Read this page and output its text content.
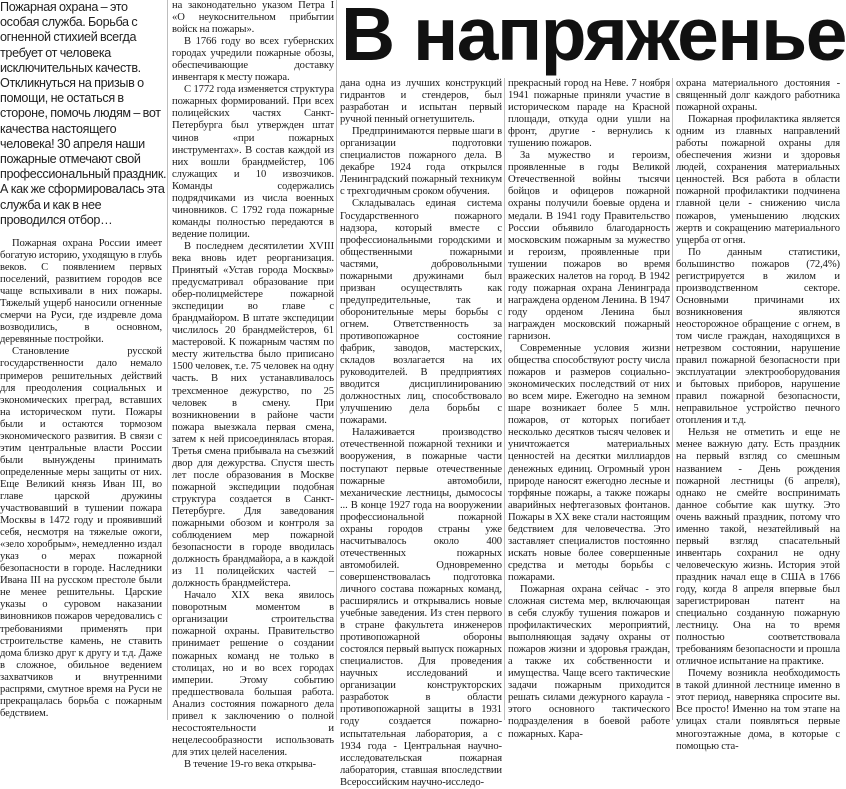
В напряженье

Пожарная охрана – это особая служба. Борьба с огненной стихией всегда требует от человека исключительных качеств. Откликнуться на призыв о помощи, не остаться в стороне, помочь людям – вот качества настоящего человека! 30 апреля наши пожарные отмечают свой профессиональный праздник. А как же сформировалась эта служба и как в нее проводился отбор…

Пожарная охрана России имеет богатую историю, уходящую в глубь веков. С появлением первых поселений, развитием городов все чаще вспыхивали в них пожары. Тяжелый ущерб наносили огненные смерчи на Руси, где издревле дома возводились, в основном, деревянные постройки.

Становление русской государственности дало немало примеров решительных действий для преодоления социальных и экономических преград, вставших на историческом пути. Пожары были и остаются тормозом экономического развития. В связи с этим центральные власти России были вынуждены принимать определенные меры защиты от них. Еще Великий князь Иван III, во главе царской дружины участвовавший в тушении пожара Москвы в 1472 году и проявивший себя, несмотря на тяжелые ожоги, «зело хоробрым», немедленно издал указ о мерах пожарной безопасности в городе. Наследники Ивана III на русском престоле были не менее решительны. Царские указы о суровом наказании виновников пожаров чередовались с требованиями применять при строительстве камень, не ставить дома близко друг к другу и т.д. Даже в сложное, обильное ведением захватчиков и внутренними распрями, смутное время на Руси не прекращалась борьба с пожарным бедствием.

на законодательно указом Петра I «О неукоснительном прибытии войск на пожары».

В 1766 году во всех губернских городах учредили пожарные обозы, обеспечивающие доставку инвентаря к месту пожара.

С 1772 года изменяется структура пожарных формирований. При всех полицейских частях Санкт-Петербурга был утвержден штат чинов «при пожарных инструментах». В состав каждой из них вошли брандмейстер, 106 служащих и 10 извозчиков. Команды содержались подрядчиками из числа военных чиновников. С 1792 года пожарные команды полностью передаются в ведение полиции.

В последнем десятилетии XVIII века вновь идет реорганизация. Принятый «Устав города Москвы» предусматривал образование при обер-полицмейстере пожарной экспедиции во главе с брандмайором. В штате экспедиции числилось 20 брандмейстеров, 61 мастеровой. К пожарным частям по месту жительства было приписано 1500 человек, т.е. 75 человек на одну часть. В них устанавливалось трехсменное дежурство, по 25 человек в смену. При возникновении в районе части пожара выезжала первая смена, затем к ней присоединялась вторая. Третья смена прибывала на съезжий двор для дежурства. Спустя шесть лет после образования в Москве пожарной экспедиции подобная структура создается в Санкт-Петербурге. Для заведования пожарными обозом и контроля за соблюдением мер пожарной безопасности в городе вводилась должность брандмайора, а в каждой из 11 полицейских частей – должность брандмейстера.

Начало XIX века явилось поворотным моментом в организации строительства пожарной охраны. Правительство принимает решение о создании пожарных команд не только в столицах, но и во всех городах империи. Этому событию предшествовала большая работа. Анализ состояния пожарного дела привел к заключению о полной несостоятельности и нецелесообразности использовать для этих целей населения.

В течение 19-го века открыва-

дана одна из лучших конструкций гидрантов и стендеров, был разработан и испытан первый ручной пенный огнетушитель.

Предпринимаются первые шаги в организации подготовки специалистов пожарного дела. В декабре 1924 года открылся Ленинградский пожарный техникум с трехгодичным сроком обучения.

Складывалась единая система Государственного пожарного надзора, который вместе с профессиональными городскими и общественными пожарными частями, добровольными пожарными дружинами был призван осуществлять как предупредительные, так и оборонительные меры борьбы с огнем. Ответственность за противопожарное состояние фабрик, заводов, мастерских, складов возлагается на их руководителей. В предприятиях вводится дисциплинированию должностных лиц, способствовало улучшению дела борьбы с пожарами.

Налаживается производство отечественной пожарной техники и вооружения, в пожарные части поступают первые отечественные пожарные автомобили, механические лестницы, дымососы ... В конце 1927 года на вооружении профессиональной пожарной охраны городов страны уже насчитывалось около 400 отечественных пожарных автомобилей. Одновременно совершенствовалась подготовка личного состава пожарных команд, расширялись и открывались новые учебные заведения. Из стен первого в стране факультета инженеров противопожарной обороны состоялся первый выпуск пожарных специалистов. Для проведения научных исследований и организации конструкторских разработок в области противопожарной защиты в 1931 году создается пожарно-испытательная лаборатория, а с 1934 года - Центральная научно-исследовательская пожарная лаборатория, ставшая впоследствии Всероссийским научно-исследо-

прекрасный город на Неве. 7 ноября 1941 пожарные приняли участие в историческом параде на Красной площади, откуда одни ушли на фронт, другие - вернулись к тушению пожаров.

За мужество и героизм, проявленные в годы Великой Отечественной войны тысячи бойцов и офицеров пожарной охраны получили боевые ордена и медали. В 1941 году Правительство России объявило благодарность московским пожарным за мужество и героизм, проявленные при тушении пожаров во время вражеских налетов на город. В 1942 году пожарная охрана Ленинграда награждена орденом Ленина. В 1947 году орденом Ленина был награжден московский пожарный гарнизон.

Современные условия жизни общества способствуют росту числа пожаров и размеров социально-экономических последствий от них во всем мире. Ежегодно на земном шаре возникает более 5 млн. пожаров, от которых погибает несколько десятков тысяч человек и уничтожается материальных ценностей на десятки миллиардов денежных единиц. Огромный урон природе наносят ежегодно лесные и торфяные пожары, а также пожары аварийных нефтегазовых фонтанов. Пожары в XX веке стали настоящим бедствием для человечества. Это заставляет специалистов постоянно искать новые более совершенные средства и методы борьбы с пожарами.

Пожарная охрана сейчас - это сложная система мер, включающая в себя службу тушения пожаров и профилактических мероприятий, выполняющая задачу охраны от пожаров жизни и здоровья граждан, а также их собственности и имущества. Чаще всего тактические задачи пожарным приходится решать силами дежурного караула - этого основного тактического подразделения в боевой работе пожарных. Кара-

охрана материального достояния - священный долг каждого работника пожарной охраны.

Пожарная профилактика является одним из главных направлений работы пожарной охраны для обеспечения жизни и здоровья людей, сохранения материальных ценностей. Вся работа в области пожарной профилактики подчинена главной цели - снижению числа пожаров, уменьшению людских жертв и сокращению материального ущерба от огня.

По данным статистики, большинство пожаров (72,4%) регистрируется в жилом и производственном секторе. Основными причинами их возникновения являются неосторожное обращение с огнем, в том числе граждан, находящихся в нетрезвом состоянии, нарушение правил пожарной безопасности при эксплуатации электрооборудования и бытовых приборов, нарушение правил пожарной безопасности, неправильное устройство печного отопления и т.д.

Нельзя не отметить и еще не менее важную дату. Есть праздник на первый взгляд со смешным названием - День рождения пожарной лестницы (6 апреля), однако не смейте воспринимать данное событие как шутку. Это очень важный праздник, потому что именно такой, незатейливый на первый взгляд спасательный инвентарь сохранил не одну человеческую жизнь. История этой праздник начал еще в США в 1766 году, когда 8 апреля впервые был зарегистрирован патент на специально созданную пожарную лестницу. Она на то время полностью соответствовала требованиям безопасности и прошла отличное испытание на практике.

Почему возникла необходимость в такой длинной лестнице именно в этот период, наверняка спросите вы. Все просто! Именно на том этапе на улицах стали появляться первые многоэтажные дома, в которые с помощью ста-
